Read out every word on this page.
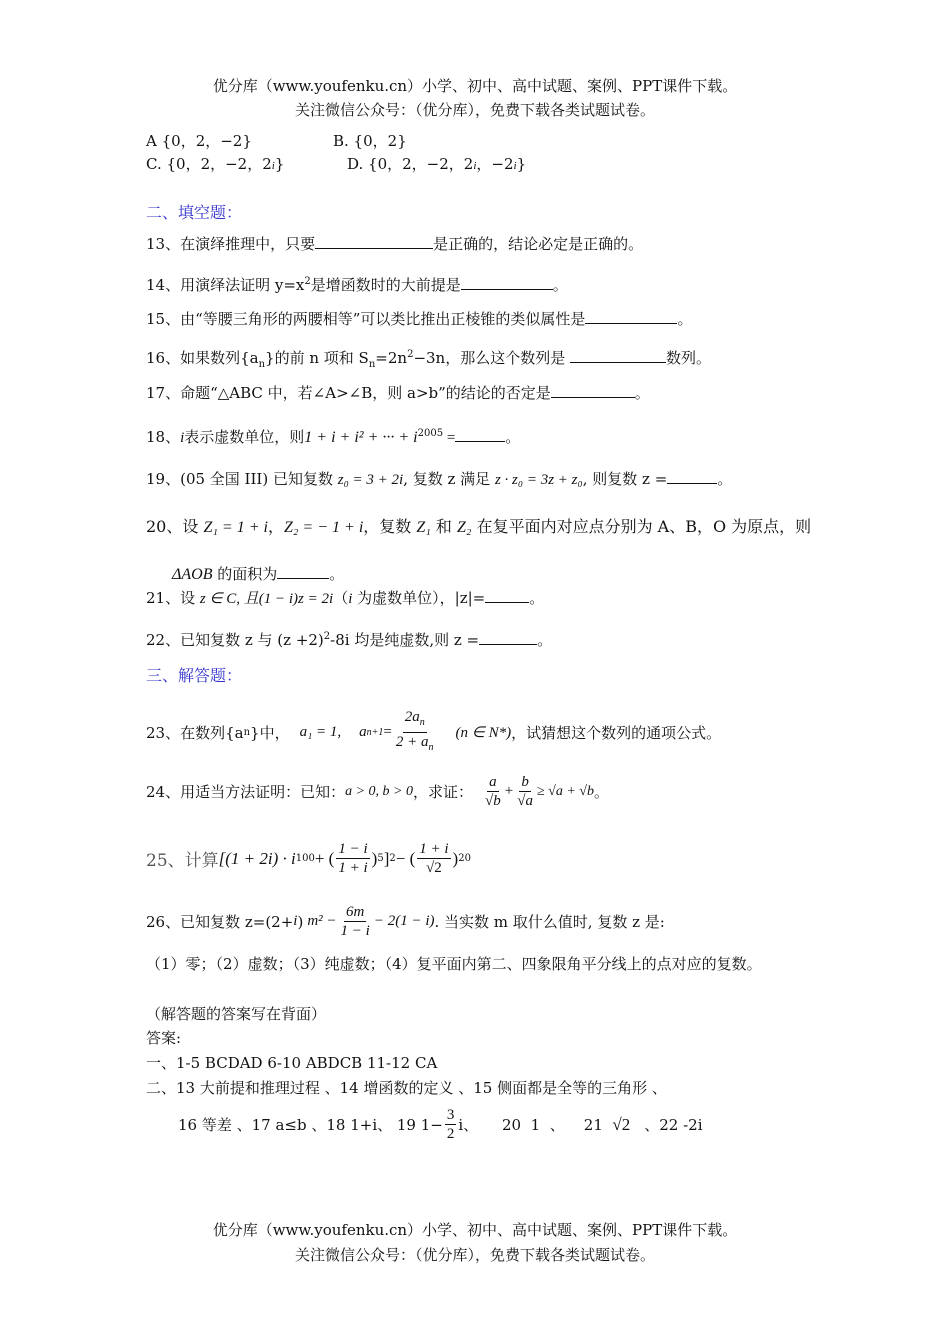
优分库（www.youfenku.cn）小学、初中、高中试题、案例、PPT课件下载。
关注微信公众号：（优分库），免费下载各类试题试卷。
A {0，2，−2}	B. {0，2}
C. {0，2，−2，2i}	D. {0，2，−2，2i，−2i}
二、填空题：
13、在演绎推理中，只要	是正确的，结论必定是正确的。
14、用演绎法证明 $y=x^2$是增函数时的大前提是	。
15、由“等腰三角形的两腰相等”可以类比推出正棱锥的类似属性是	。
16、如果数列$\{a_n\}$的前 n 项和 $S_n=2n^2-3n$，那么这个数列是	数列。
17、命题“△ABC 中，若∠A>∠B，则 a>b”的结论的否定是	。
18、i表示虚数单位，则1 + i + i² + ··· + $i^{2005}$ =	。
19、(05 全国 III) 已知复数 z₀ = 3 + 2i, 复数 z 满足 z · z₀ = 3z + z₀, 则复数 z =	。
20、设 Z₁ = 1 + i，Z₂ = − 1 + i，复数 Z₁ 和 Z₂ 在复平面内对应点分别为 A、B，O 为原点，则
ΔAOB 的面积为	。
21、设 z ∈ C, 且(1 − i)z = 2i（i 为虚数单位），|z|=	。
22、已知复数 z 与 $(z +2)^2-8i$ 均是纯虚数,则 z =	。
三、解答题：
23、在数列{a n }中， a₁ = 1, a $n+1 = \frac{2a_n}{2 + a_n} (n$ ∈ N*) ，试猜想这个数列的通项公式。
24、用适当方法证明：已知： a > 0, b > 0 ，求证： $\frac{a}{√b} + \frac{b}{√a} \ge √a + √b$ 。
25、计算 [(1 + 2i) · i 100 + ( $\frac{1 - i}{1 + i}$ ) 5 ] 2 − ( $\frac{1 + i}{√2}$ ) 20
26、已知复数 z=(2+ i ) $m^2 - \frac{6m}{1 - i} - 2(1 - i)$ . 当实数 m 取什么值时, 复数 z 是:
（1）零；（2）虚数；（3）纯虚数；（4）复平面内第二、四象限角平分线上的点对应的复数。
（解答题的答案写在背面）
答案:
一、1-5 BCDAD 6-10 ABDCB 11-12 CA
二、13 大前提和推理过程 、14 增函数的定义 、15 侧面都是全等的三角形 、
16 等差 、17 a≤b 、18 1+i、 19 $1- \frac{3}{2}$ i、     20  1  、    21 √2 、22 -2i
优分库（www.youfenku.cn）小学、初中、高中试题、案例、PPT课件下载。
关注微信公众号：（优分库），免费下载各类试题试卷。
